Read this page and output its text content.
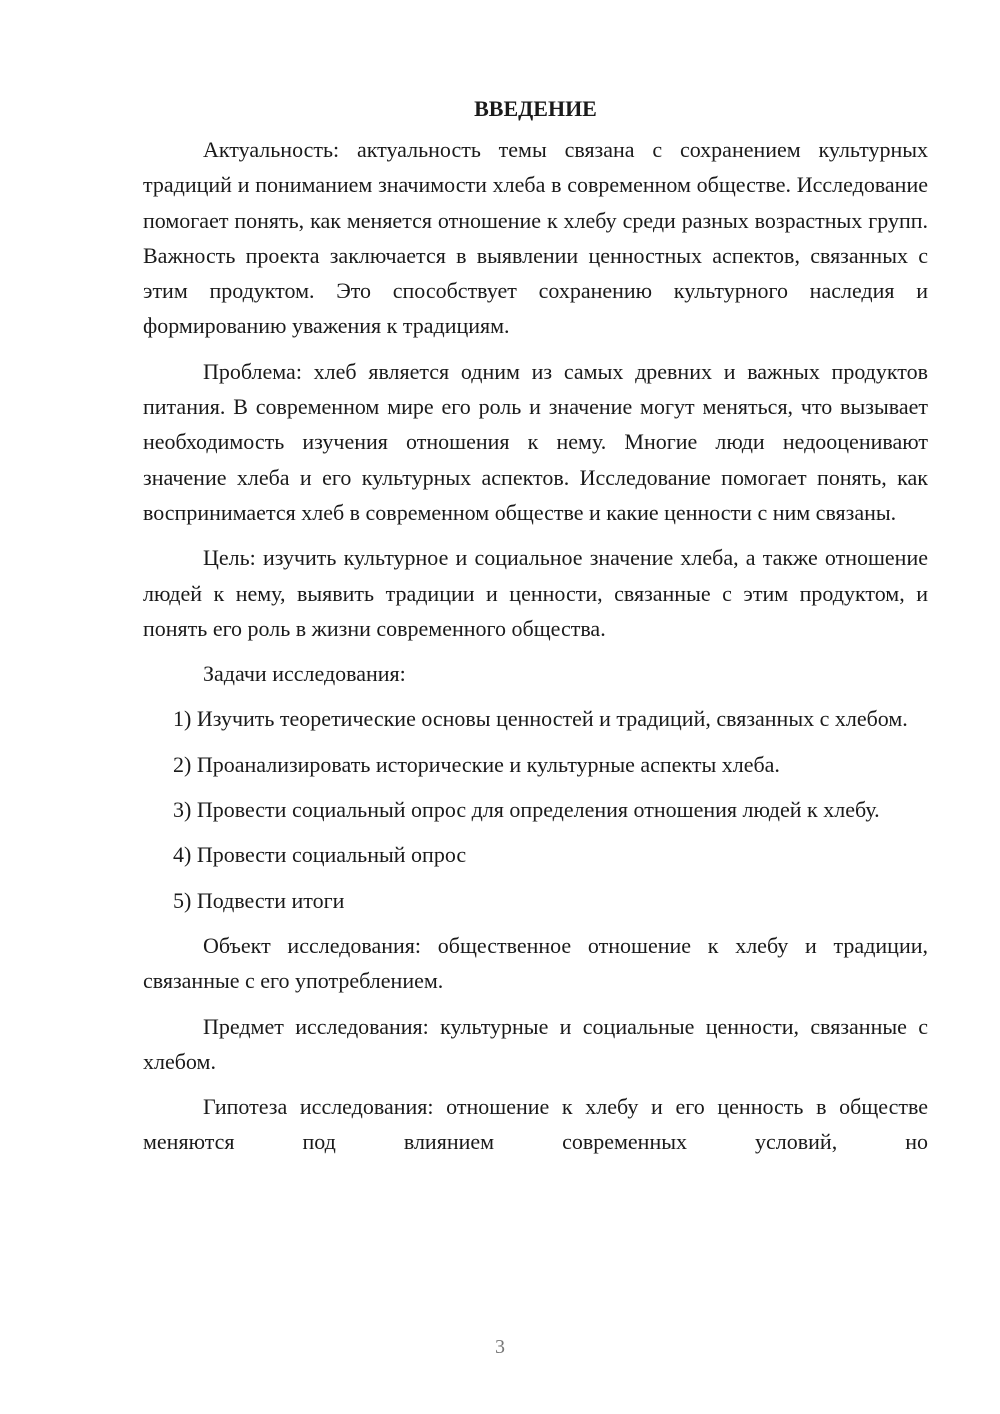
ВВЕДЕНИЕ

Актуальность: актуальность темы связана с сохранением культурных традиций и пониманием значимости хлеба в современном обществе. Исследование помогает понять, как меняется отношение к хлебу среди разных возрастных групп. Важность проекта заключается в выявлении ценностных аспектов, связанных с этим продуктом. Это способствует сохранению культурного наследия и формированию уважения к традициям.

Проблема: хлеб является одним из самых древних и важных продуктов питания. В современном мире его роль и значение могут меняться, что вызывает необходимость изучения отношения к нему. Многие люди недооценивают значение хлеба и его культурных аспектов. Исследование помогает понять, как воспринимается хлеб в современном обществе и какие ценности с ним связаны.

Цель: изучить культурное и социальное значение хлеба, а также отношение людей к нему, выявить традиции и ценности, связанные с этим продуктом, и понять его роль в жизни современного общества.

Задачи исследования:

1) Изучить теоретические основы ценностей и традиций, связанных с хлебом.

2) Проанализировать исторические и культурные аспекты хлеба.

3) Провести социальный опрос для определения отношения людей к хлебу.

4) Провести социальный опрос

5) Подвести итоги

Объект исследования: общественное отношение к хлебу и традиции, связанные с его употреблением.

Предмет исследования: культурные и социальные ценности, связанные с хлебом.

Гипотеза исследования: отношение к хлебу и его ценность в обществе меняются под влиянием современных условий, но

3
